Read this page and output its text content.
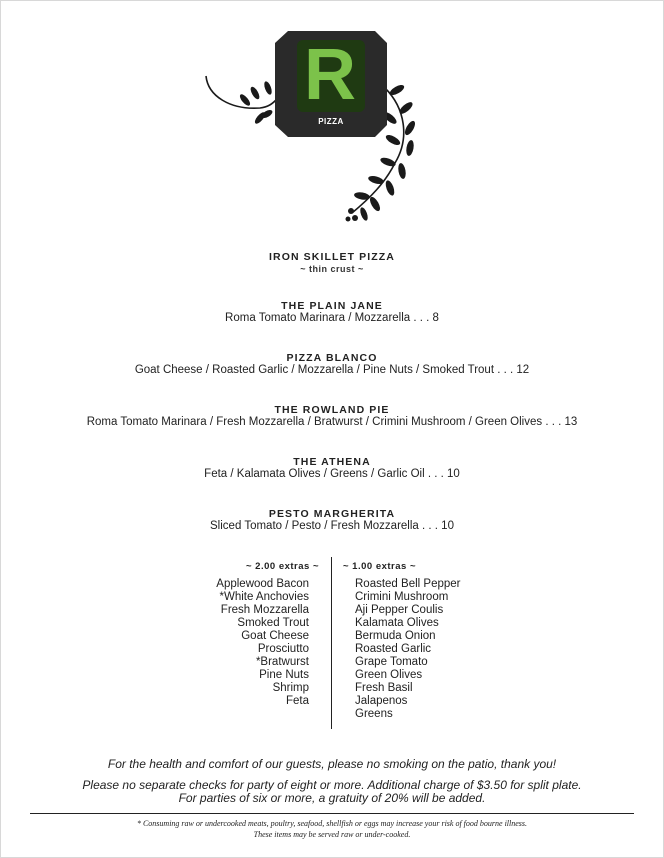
R
PIZZA
IRON SKILLET PIZZA
~ thin crust ~
THE PLAIN JANE
Roma Tomato Marinara / Mozzarella . . . 8
PIZZA BLANCO
Goat Cheese / Roasted Garlic / Mozzarella / Pine Nuts / Smoked Trout . . . 12
THE ROWLAND PIE
Roma Tomato Marinara / Fresh Mozzarella / Bratwurst / Crimini Mushroom / Green Olives . . . 13
THE ATHENA
Feta / Kalamata Olives / Greens / Garlic Oil . . . 10
PESTO MARGHERITA
Sliced Tomato / Pesto / Fresh Mozzarella . . . 10
~ 2.00 extras ~	~ 1.00 extras ~
Applewood Bacon
*White Anchovies
Fresh Mozzarella
Smoked Trout
Goat Cheese
Prosciutto
*Bratwurst
Pine Nuts
Shrimp
Feta
Roasted Bell Pepper
Crimini Mushroom
Aji Pepper Coulis
Kalamata Olives
Bermuda Onion
Roasted Garlic
Grape Tomato
Green Olives
Fresh Basil
Jalapenos
Greens
For the health and comfort of our guests, please no smoking on the patio, thank you!
Please no separate checks for party of eight or more. Additional charge of $3.50 for split plate.
For parties of six or more, a gratuity of 20% will be added.
* Consuming raw or undercooked meats, poultry, seafood, shellfish or eggs may increase your risk of food bourne illness.
These items may be served raw or under-cooked.
